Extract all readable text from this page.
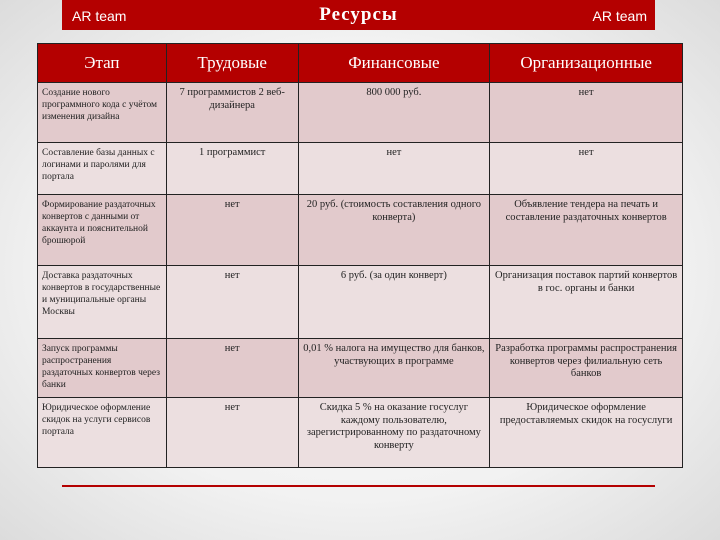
AR team	Ресурсы	AR team
Этап	Трудовые	Финансовые	Организационные
Создание нового программного кода с учётом изменения дизайна	7 программистов 2 веб-дизайнера	800 000 руб.	нет
Составление базы данных с логинами и паролями для портала	1 программист	нет	нет
Формирование раздаточных конвертов с данными от аккаунта и пояснительной брошюрой	нет	20 руб. (стоимость составления одного конверта)	Объявление тендера на печать и составление раздаточных конвертов
Доставка раздаточных конвертов в государственные и муниципальные органы Москвы	нет	6 руб. (за один конверт)	Организация поставок партий конвертов в гос. органы и банки
Запуск программы распространения раздаточных конвертов через банки	нет	0,01 % налога на имущество для банков, участвующих в программе	Разработка программы распространения конвертов через филиальную сеть банков
Юридическое оформление скидок на услуги сервисов портала	нет	Скидка 5 % на оказание госуслуг каждому пользователю, зарегистрированному по раздаточному конверту	Юридическое оформление предоставляемых скидок на госуслуги
